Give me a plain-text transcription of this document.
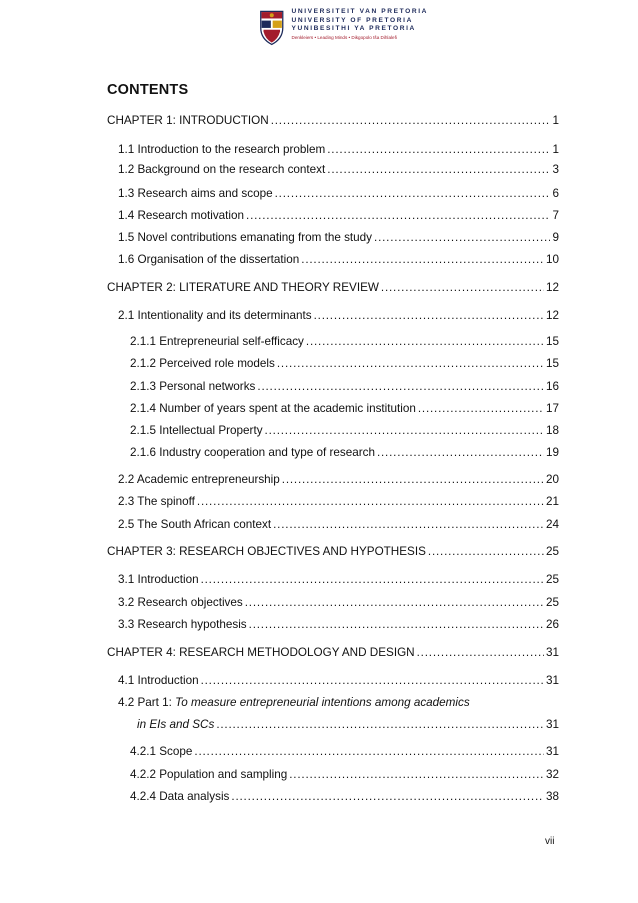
UNIVERSITEIT VAN PRETORIA
UNIVERSITY OF PRETORIA
YUNIBESITHI YA PRETORIA
Denkleiers • Leading Minds • Dikgopolo tša Dihlalefi
CONTENTS
CHAPTER 1: INTRODUCTION .....	1
1.1 Introduction to the research problem .....	1
1.2 Background on the research context .....	3
1.3 Research aims and scope .....	6
1.4 Research motivation .....	7
1.5 Novel contributions emanating from the study .....	9
1.6 Organisation of the dissertation .....	10
CHAPTER 2: LITERATURE AND THEORY REVIEW .....	12
2.1 Intentionality and its determinants .....	12
2.1.1 Entrepreneurial self-efficacy .....	15
2.1.2 Perceived role models .....	15
2.1.3 Personal networks .....	16
2.1.4 Number of years spent at the academic institution .....	17
2.1.5 Intellectual Property .....	18
2.1.6 Industry cooperation and type of research .....	19
2.2 Academic entrepreneurship .....	20
2.3 The spinoff .....	21
2.5 The South African context .....	24
CHAPTER 3: RESEARCH OBJECTIVES AND HYPOTHESIS .....	25
3.1 Introduction .....	25
3.2 Research objectives .....	25
3.3 Research hypothesis .....	26
CHAPTER 4: RESEARCH METHODOLOGY AND DESIGN .....	31
4.1 Introduction .....	31
4.2 Part 1: To measure entrepreneurial intentions among academics
in EIs and SCs .....	31
4.2.1 Scope .....	31
4.2.2 Population and sampling .....	32
4.2.4 Data analysis .....	38
vii
